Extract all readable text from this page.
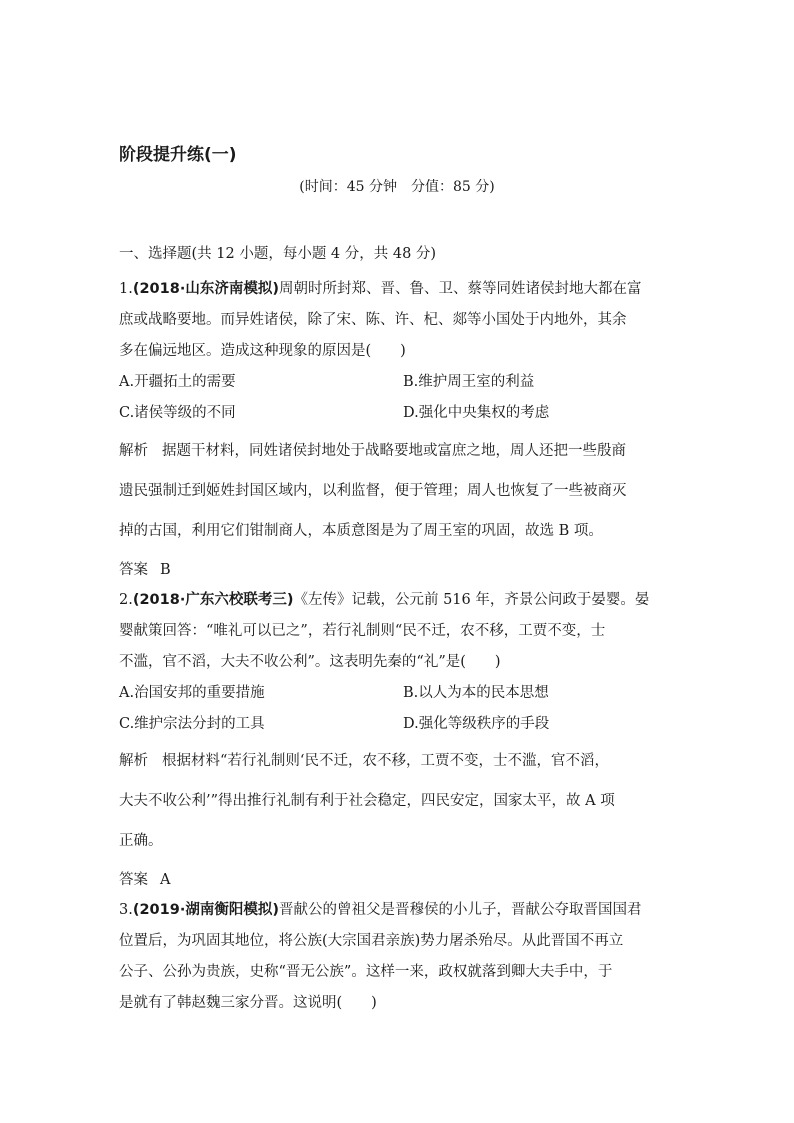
阶段提升练(一)
(时间：45 分钟　分值：85 分)
一、选择题(共 12 小题，每小题 4 分，共 48 分)
1.(2018·山东济南模拟)周朝时所封郑、晋、鲁、卫、蔡等同姓诸侯封地大都在富
庶或战略要地。而异姓诸侯，除了宋、陈、许、杞、郯等小国处于内地外，其余
多在偏远地区。造成这种现象的原因是(　　)
A.开疆拓土的需要	B.维护周王室的利益
C.诸侯等级的不同	D.强化中央集权的考虑
解析 据题干材料，同姓诸侯封地处于战略要地或富庶之地，周人还把一些殷商
遗民强制迁到姬姓封国区域内，以利监督，便于管理；周人也恢复了一些被商灭
掉的古国，利用它们钳制商人，本质意图是为了周王室的巩固，故选 B 项。
答案 B
2.(2018·广东六校联考三)《左传》记载，公元前 516 年，齐景公问政于晏婴。晏
婴献策回答：“唯礼可以已之”，若行礼制则“民不迁，农不移，工贾不变，士
不滥，官不滔，大夫不收公利”。这表明先秦的“礼”是(　　)
A.治国安邦的重要措施	B.以人为本的民本思想
C.维护宗法分封的工具	D.强化等级秩序的手段
解析 根据材料“若行礼制则‘民不迁，农不移，工贾不变，士不滥，官不滔，
大夫不收公利’”得出推行礼制有利于社会稳定，四民安定，国家太平，故 A 项
正确。
答案 A
3.(2019·湖南衡阳模拟)晋献公的曾祖父是晋穆侯的小儿子，晋献公夺取晋国国君
位置后，为巩固其地位，将公族(大宗国君亲族)势力屠杀殆尽。从此晋国不再立
公子、公孙为贵族，史称“晋无公族”。这样一来，政权就落到卿大夫手中，于
是就有了韩赵魏三家分晋。这说明(　　)
